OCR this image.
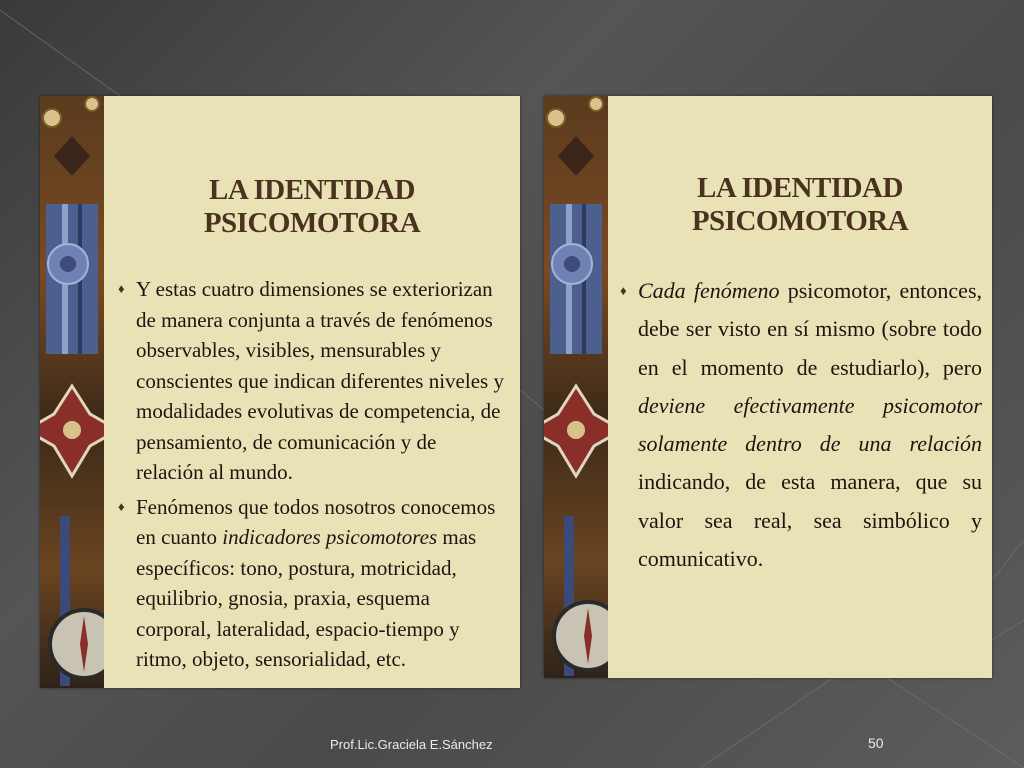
LA IDENTIDAD PSICOMOTORA
♦ Y estas cuatro dimensiones se exteriorizan de manera conjunta a través de fenómenos observables, visibles, mensurables y conscientes que indican diferentes niveles y modalidades evolutivas de competencia, de pensamiento, de comunicación y de relación al mundo.
♦ Fenómenos que todos nosotros conocemos en cuanto indicadores psicomotores mas específicos: tono, postura, motricidad, equilibrio, gnosia, praxia, esquema corporal, lateralidad, espacio-tiempo y ritmo, objeto, sensorialidad, etc.
LA IDENTIDAD PSICOMOTORA
♦ Cada fenómeno psicomotor, entonces, debe ser visto en sí mismo (sobre todo en el momento de estudiarlo), pero deviene efectivamente psicomotor solamente dentro de una relación indicando, de esta manera, que su valor sea real, sea simbólico y comunicativo.
Prof.Lic.Graciela E.Sánchez	50
